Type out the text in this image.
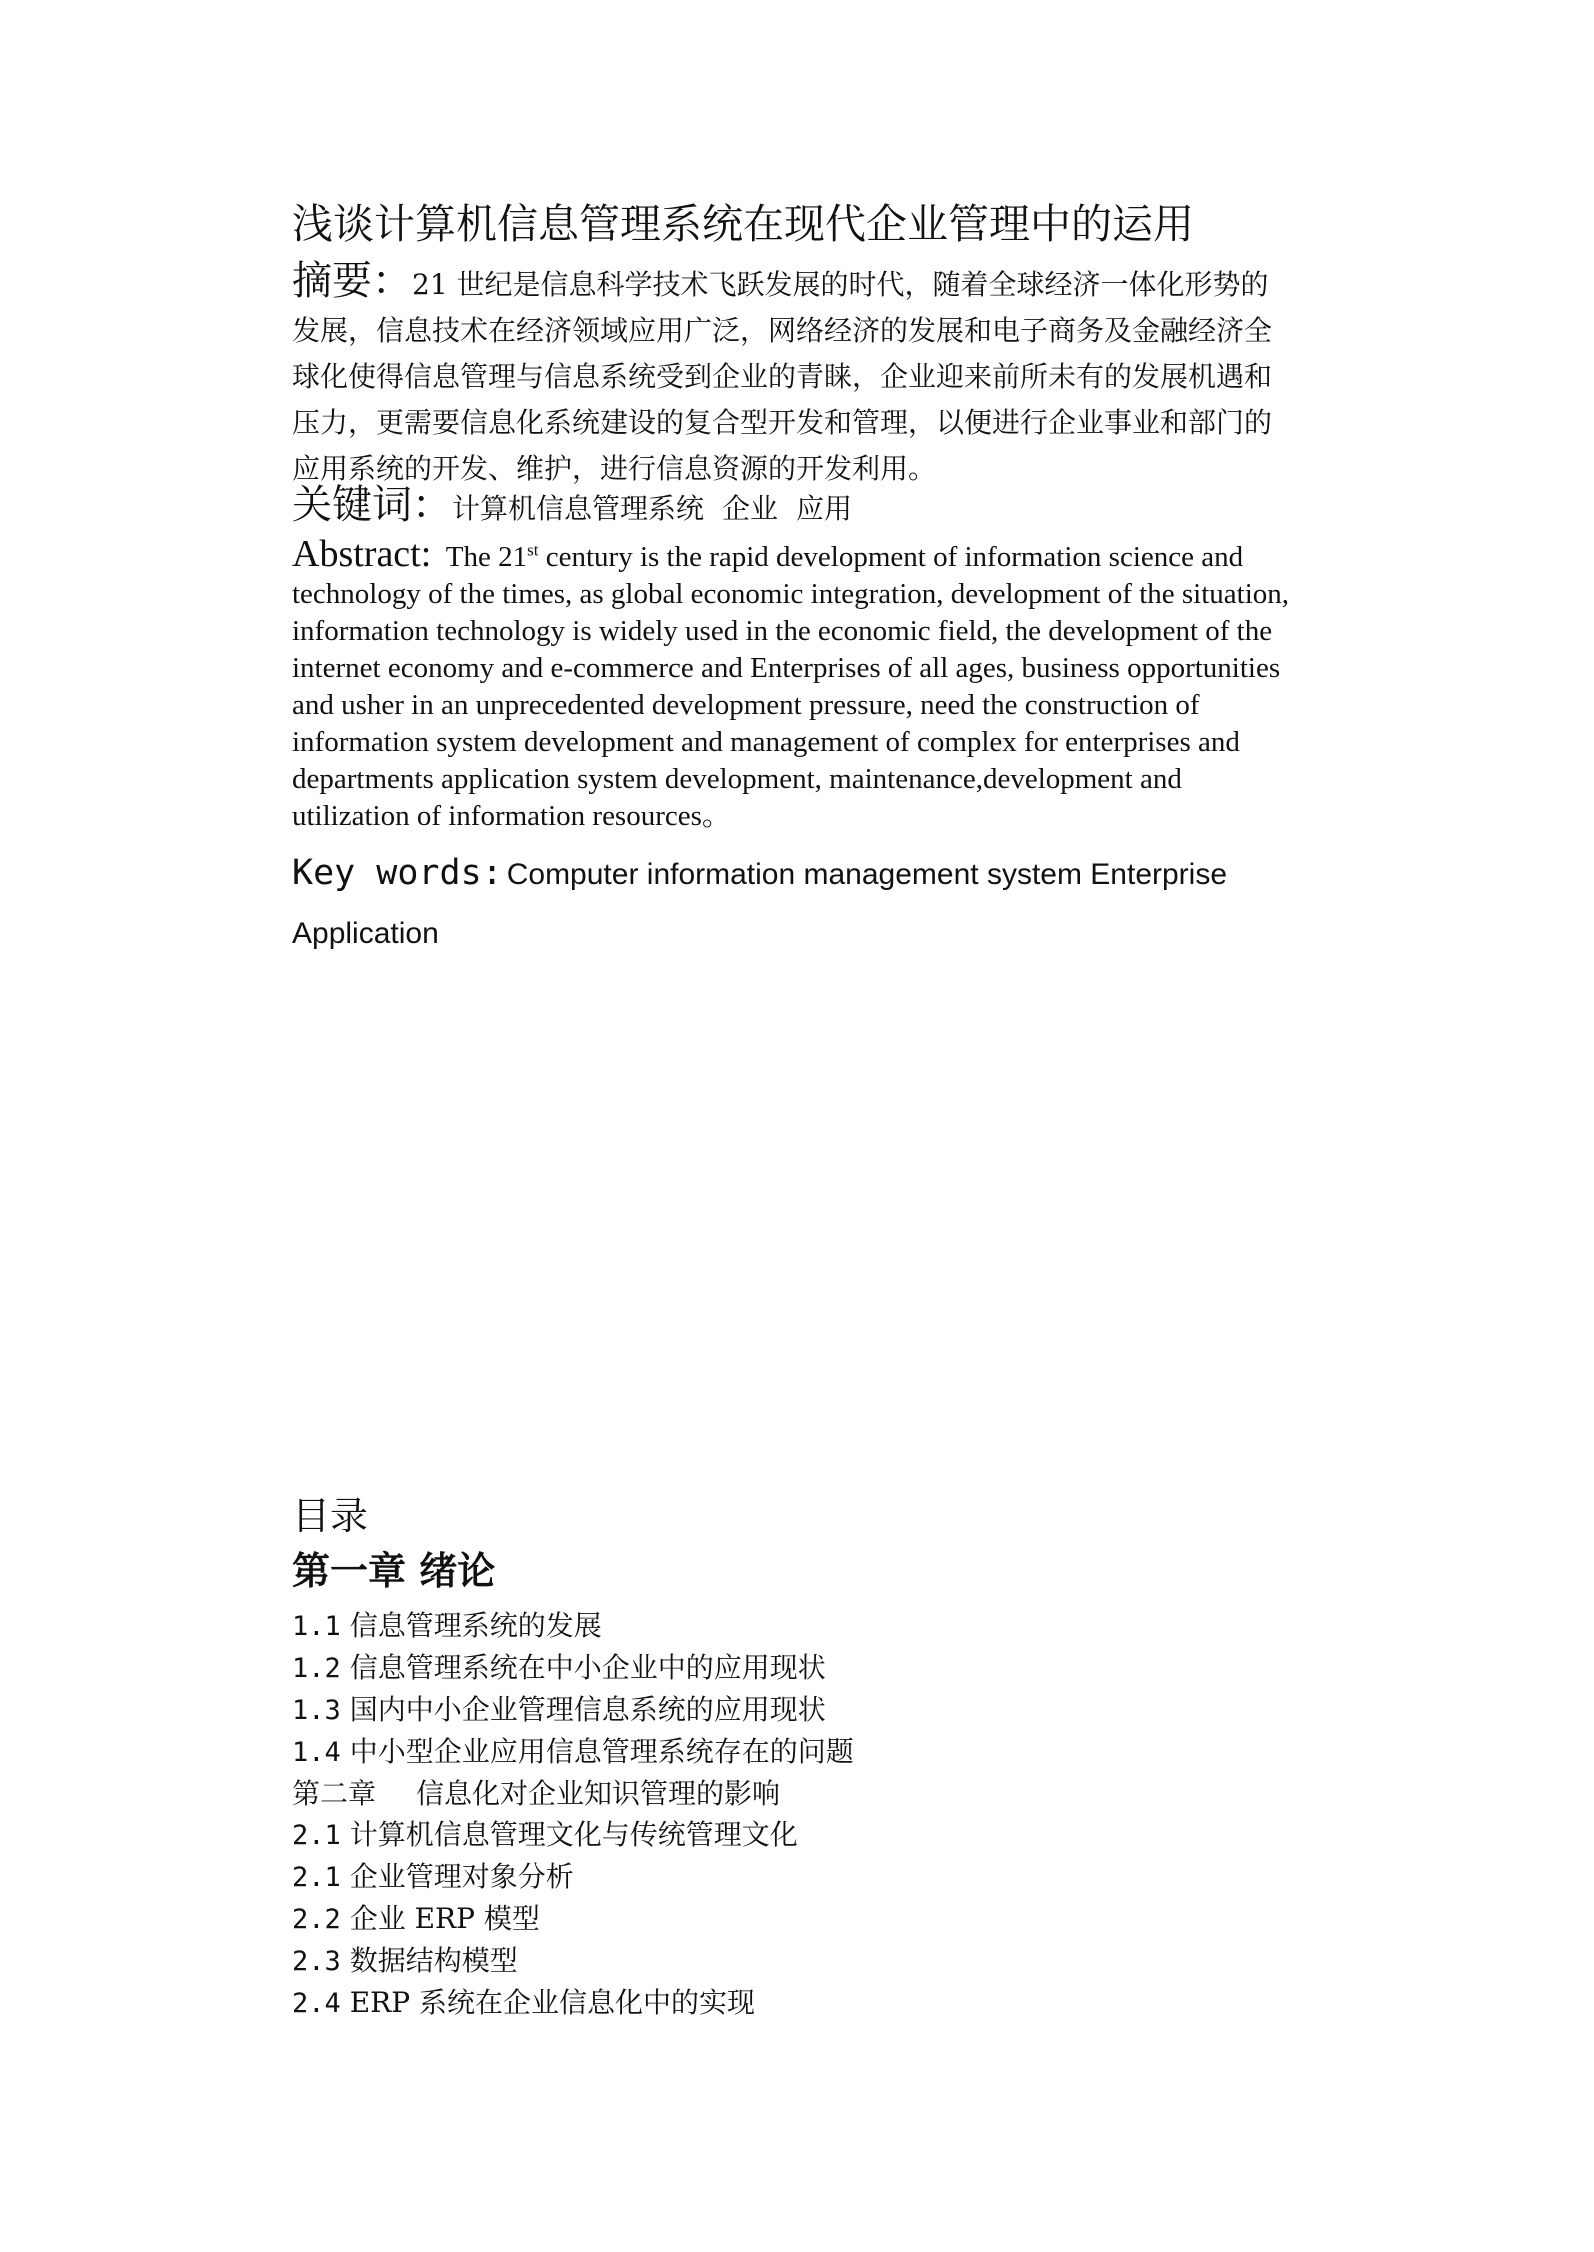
浅谈计算机信息管理系统在现代企业管理中的运用

摘要：21 世纪是信息科学技术飞跃发展的时代，随着全球经济一体化形势的
发展，信息技术在经济领域应用广泛，网络经济的发展和电子商务及金融经济全
球化使得信息管理与信息系统受到企业的青睐，企业迎来前所未有的发展机遇和
压力，更需要信息化系统建设的复合型开发和管理，以便进行企业事业和部门的
应用系统的开发、维护，进行信息资源的开发利用。

关键词：计算机信息管理系统 企业 应用

Abstract: The 21st century is the rapid development of information science and
technology of the times, as global economic integration, development of the situation,
information technology is widely used in the economic field, the development of the
internet economy and e-commerce and Enterprises of all ages, business opportunities
and usher in an unprecedented development pressure, need the construction of
information system development and management of complex for enterprises and
departments application system development, maintenance,development and
utilization of information resources。

Key words: Computer information management system Enterprise
Application

目录
第一章 绪论
1.1 信息管理系统的发展
1.2 信息管理系统在中小企业中的应用现状
1.3 国内中小企业管理信息系统的应用现状
1.4 中小型企业应用信息管理系统存在的问题
第二章 信息化对企业知识管理的影响
2.1 计算机信息管理文化与传统管理文化
2.1 企业管理对象分析
2.2 企业 ERP 模型
2.3 数据结构模型
2.4 ERP 系统在企业信息化中的实现
